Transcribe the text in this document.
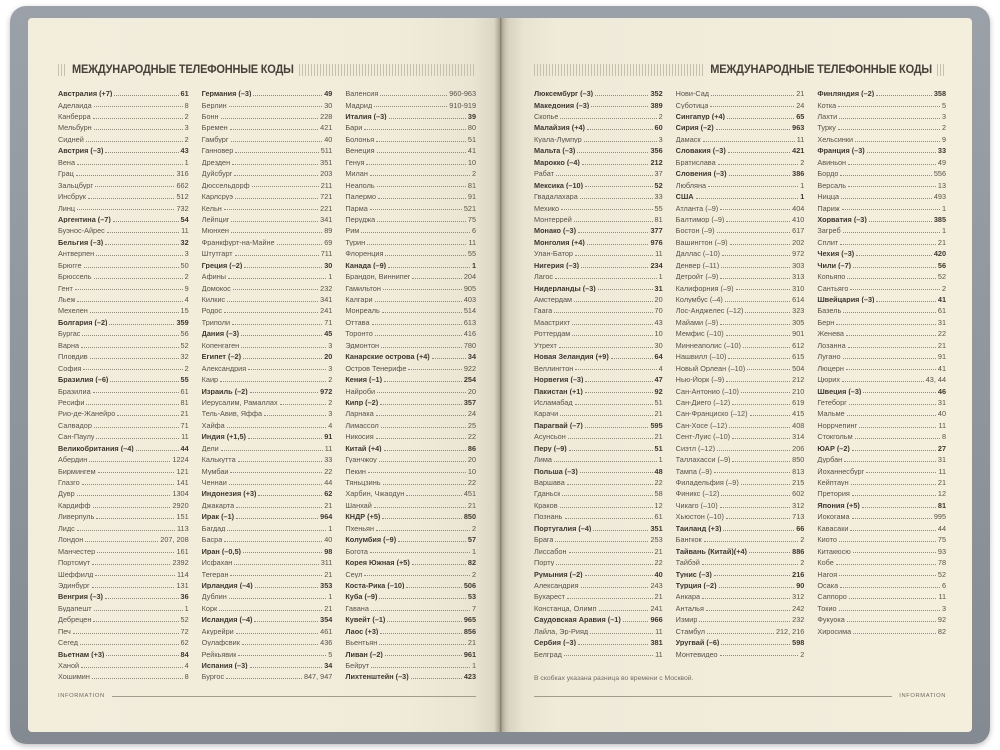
МЕЖДУНАРОДНЫЕ ТЕЛЕФОННЫЕ КОДЫ
Австралия (+7)	61
Аделаида	8
Канберра	2
Мельбурн	3
Сидней	2
Австрия (–3)	43
Вена	1
Грац	316
Зальцбург	662
Инсбрук	512
Линц	732
Аргентина (–7)	54
Буэнос-Айрес	11
Бельгия (–3)	32
Антверпен	3
Брюгге	50
Брюссель	2
Гент	9
Льеж	4
Мехелен	15
Болгария (–2)	359
Бургас	56
Варна	52
Пловдив	32
София	2
Бразилия (–6)	55
Бразилиа	61
Ресифи	81
Рио-де-Жанейро	21
Салвадор	71
Сан-Паулу	11
Великобритания (–4)	44
Абердин	1224
Бирмингем	121
Глазго	141
Дувр	1304
Кардифф	2920
Ливерпуль	151
Лидс	113
Лондон	207, 208
Манчестер	161
Портсмут	2392
Шеффилд	114
Эдинбург	131
Венгрия (–3)	36
Будапешт	1
Дебрецен	52
Печ	72
Сегед	62
Вьетнам (+3)	84
Ханой	4
Хошимин	8
Германия (–3)	49
Берлин	30
Бонн	228
Бремен	421
Гамбург	40
Ганновер	511
Дрезден	351
Дуйсбург	203
Дюссельдорф	211
Карлсруэ	721
Кельн	221
Лейпциг	341
Мюнхен	89
Франкфурт-на-Майне	69
Штутгарт	711
Греция (–2)	30
Афины	1
Домокос	232
Килкис	341
Родос	241
Триполи	71
Дания (–3)	45
Копенгаген	3
Египет (–2)	20
Александрия	3
Каир	2
Израиль (–2)	972
Иерусалим, Рамаллах	2
Тель-Авив, Яффа	3
Хайфа	4
Индия (+1,5)	91
Дели	11
Калькутта	33
Мумбаи	22
Ченнаи	44
Индонезия (+3)	62
Джакарта	21
Ирак (–1)	964
Багдад	1
Басра	40
Иран (–0,5)	98
Исфахан	311
Тегеран	21
Ирландия (–4)	353
Дублин	1
Корк	21
Исландия (–4)	354
Акурейри	461
Оулафсвик	436
Рейкьявик	5
Испания (–3)	34
Бургос	847, 947
Валенсия	960-963
Мадрид	910-919
Италия (–3)	39
Бари	80
Болонья	51
Венеция	41
Генуя	10
Милан	2
Неаполь	81
Палермо	91
Парма	521
Перуджа	75
Рим	6
Турин	11
Флоренция	55
Канада (–9)	1
Брандон, Виннипег	204
Гамильтон	905
Калгари	403
Монреаль	514
Оттава	613
Торонто	416
Эдмонтон	780
Канарские острова (+4)	34
Остров Тенерифе	922
Кения (–1)	254
Найроби	20
Кипр (–2)	357
Ларнака	24
Лимассол	25
Никосия	22
Китай (+4)	86
Гуанчжоу	20
Пекин	10
Тяньцзинь	22
Харбин, Чжаодун	451
Шанхай	21
КНДР (+5)	850
Пхеньян	2
Колумбия (–9)	57
Богота	1
Корея Южная (+5)	82
Сеул	2
Коста-Рика (–10)	506
Куба (–9)	53
Гавана	7
Кувейт (–1)	965
Лаос (+3)	856
Вьентьян	21
Ливан (–2)	961
Бейрут	1
Лихтенштейн (–3)	423
INFORMATION
МЕЖДУНАРОДНЫЕ ТЕЛЕФОННЫЕ КОДЫ
Люксембург (–3)	352
Македония (–3)	389
Скопье	2
Малайзия (+4)	60
Куала-Лумпур	3
Мальта (–3)	356
Марокко (–4)	212
Рабат	37
Мексика (–10)	52
Гвадалахара	33
Мехико	55
Монтеррей	81
Монако (–3)	377
Монголия (+4)	976
Улан-Батор	11
Нигерия (–3)	234
Лагос	1
Нидерланды (–3)	31
Амстердам	20
Гаага	70
Маастрихт	43
Роттердам	10
Утрехт	30
Новая Зеландия (+9)	64
Веллингтон	4
Норвегия (–3)	47
Пакистан (+1)	92
Исламабад	51
Карачи	21
Парагвай (–7)	595
Асунсьон	21
Перу (–9)	51
Лима	1
Польша (–3)	48
Варшава	22
Гданьск	58
Краков	12
Познань	61
Португалия (–4)	351
Брага	253
Лиссабон	21
Порту	22
Румыния (–2)	40
Александрия	243
Бухарест	21
Констанца, Олимп	241
Саудовская Аравия (–1)	966
Лайла, Эр-Рияд	11
Сербия (–3)	381
Белград	11
Нови-Сад	21
Суботица	24
Сингапур (+4)	65
Сирия (–2)	963
Дамаск	11
Словакия (–3)	421
Братислава	2
Словения (–3)	386
Любляна	1
США	1
Атланта (–9)	404
Балтимор (–9)	410
Бостон (–9)	617
Вашингтон (–9)	202
Даллас (–10)	972
Денвер (–11)	303
Детройт (–9)	313
Калифорния (–9)	310
Колумбус (–4)	614
Лос-Анджелес (–12)	323
Майами (–9)	305
Мемфис (–10)	901
Миннеаполис (–10)	612
Нашвилл (–10)	615
Новый Орлеан (–10)	504
Нью-Йорк (–9)	212
Сан-Антонио (–10)	210
Сан-Диего (–12)	619
Сан-Франциско (–12)	415
Сан-Хосе (–12)	408
Сент-Луис (–10)	314
Сиэтл (–12)	206
Таллахасси (–9)	850
Тампа (–9)	813
Филадельфия (–9)	215
Финикс (–12)	602
Чикаго (–10)	312
Хьюстон (–10)	713
Таиланд (+3)	66
Бангкок	2
Тайвань (Китай)(+4)	886
Тайбэй	2
Тунис (–3)	216
Турция (–2)	90
Анкара	312
Анталья	242
Измир	232
Стамбул	212, 216
Уругвай (–6)	598
Монтевидео	2
Финляндия (–2)	358
Котка	5
Лахти	3
Турку	2
Хельсинки	9
Франция (–3)	33
Авиньон	49
Бордо	556
Версаль	13
Ницца	493
Париж	1
Хорватия (–3)	385
Загреб	1
Сплит	21
Чехия (–3)	420
Чили (–7)	56
Копьяпо	52
Сантьяго	2
Швейцария (–3)	41
Базель	61
Берн	31
Женева	22
Лозанна	21
Лугано	91
Люцерн	41
Цюрих	43, 44
Швеция (–3)	46
Гетеборг	31
Мальме	40
Норрчепинг	11
Стокгольм	8
ЮАР (–2)	27
Дурбан	31
Йоханнесбург	11
Кейптаун	21
Претория	12
Япония (+5)	81
Иокогама	995
Кавасаки	44
Киото	75
Китакюсю	93
Кобе	78
Нагоя	52
Осака	6
Саппоро	11
Токио	3
Фукуока	92
Хиросима	82
В скобках указана разница во времени с Москвой.
INFORMATION
